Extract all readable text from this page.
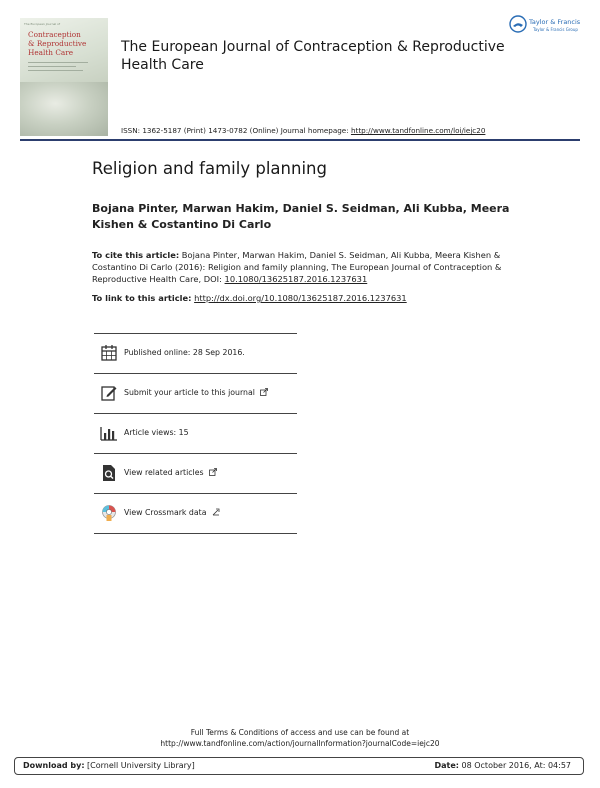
The European Journal of
Contraception
& Reproductive
Health Care	The European Journal of Contraception & Reproductive Health Care
Taylor & Francis
Taylor & Francis Group
ISSN: 1362-5187 (Print) 1473-0782 (Online) Journal homepage: http://www.tandfonline.com/loi/iejc20
Religion and family planning
Bojana Pinter, Marwan Hakim, Daniel S. Seidman, Ali Kubba, Meera Kishen & Costantino Di Carlo
To cite this article: Bojana Pinter, Marwan Hakim, Daniel S. Seidman, Ali Kubba, Meera Kishen & Costantino Di Carlo (2016): Religion and family planning, The European Journal of Contraception & Reproductive Health Care, DOI: 10.1080/13625187.2016.1237631
To link to this article: http://dx.doi.org/10.1080/13625187.2016.1237631
Published online: 28 Sep 2016.
Submit your article to this journal
Article views: 15
View related articles
View Crossmark data
Full Terms & Conditions of access and use can be found at
http://www.tandfonline.com/action/journalInformation?journalCode=iejc20
Download by: [Cornell University Library]	Date: 08 October 2016, At: 04:57
